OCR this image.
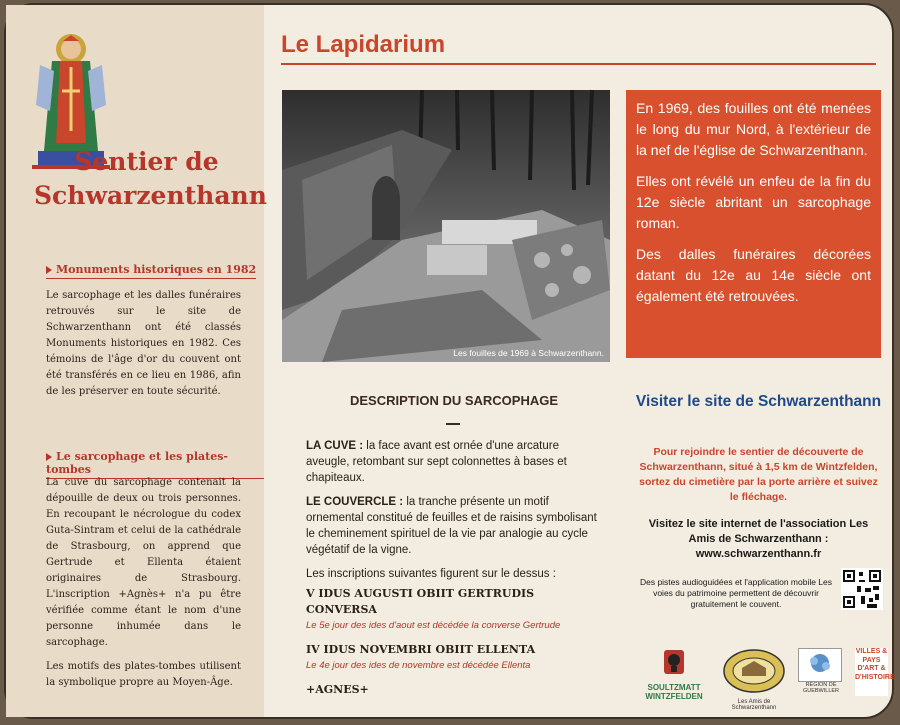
Sentier de
Schwarzenthann
Monuments historiques en 1982

Le sarcophage et les dalles funéraires retrouvés sur le site de Schwarzenthann ont été classés Monuments historiques en 1982. Ces témoins de l'âge d'or du couvent ont été transférés en ce lieu en 1986, afin de les préserver en toute sécurité.

Le sarcophage et les plates-tombes

La cuve du sarcophage contenait la dépouille de deux ou trois personnes. En recoupant le nécrologue du codex Guta-Sintram et celui de la cathédrale de Strasbourg, on apprend que Gertrude et Ellenta étaient originaires de Strasbourg. L'inscription +Agnès+ n'a pu être vérifiée comme étant le nom d'une personne inhumée dans le sarcophage.

Les motifs des plates-tombes utilisent la symbolique propre au Moyen-Âge.

Le Lapidarium
Les fouilles de 1969 à Schwarzenthann.

En 1969, des fouilles ont été menées le long du mur Nord, à l'extérieur de la nef de l'église de Schwarzenthann.

Elles ont révélé un enfeu de la fin du 12e siècle abritant un sarcophage roman.

Des dalles funéraires décorées datant du 12e au 14e siècle ont également été retrouvées.

DESCRIPTION DU SARCOPHAGE

LA CUVE : la face avant est ornée d'une arcature aveugle, retombant sur sept colonnettes à bases et chapiteaux.

LE COUVERCLE : la tranche présente un motif ornemental constitué de feuilles et de raisins symbolisant le cheminement spirituel de la vie par analogie au cycle végétatif de la vigne.

Les inscriptions suivantes figurent sur le dessus :
V IDUS AUGUSTI OBIIT GERTRUDIS CONVERSA
Le 5e jour des ides d'aout est décédée la converse Gertrude
IV IDUS NOVEMBRI OBIIT ELLENTA
Le 4e jour des ides de novembre est décédée Ellenta
+AGNES+
Visiter le site de Schwarzenthann
Pour rejoindre le sentier de découverte de Schwarzenthann, situé à 1,5 km de Wintzfelden, sortez du cimetière par la porte arrière et suivez le fléchage.
Visitez le site internet de l'association Les Amis de Schwarzenthann :
www.schwarzenthann.fr
Des pistes audioguidées et l'application mobile Les voies du patrimoine permettent de découvrir gratuitement le couvent.
SOULTZMATT WINTZFELDEN
Les Amis de Schwarzenthann
RÉGION DE GUEBWILLER
VILLES & PAYS D'ART & D'HISTOIRE
